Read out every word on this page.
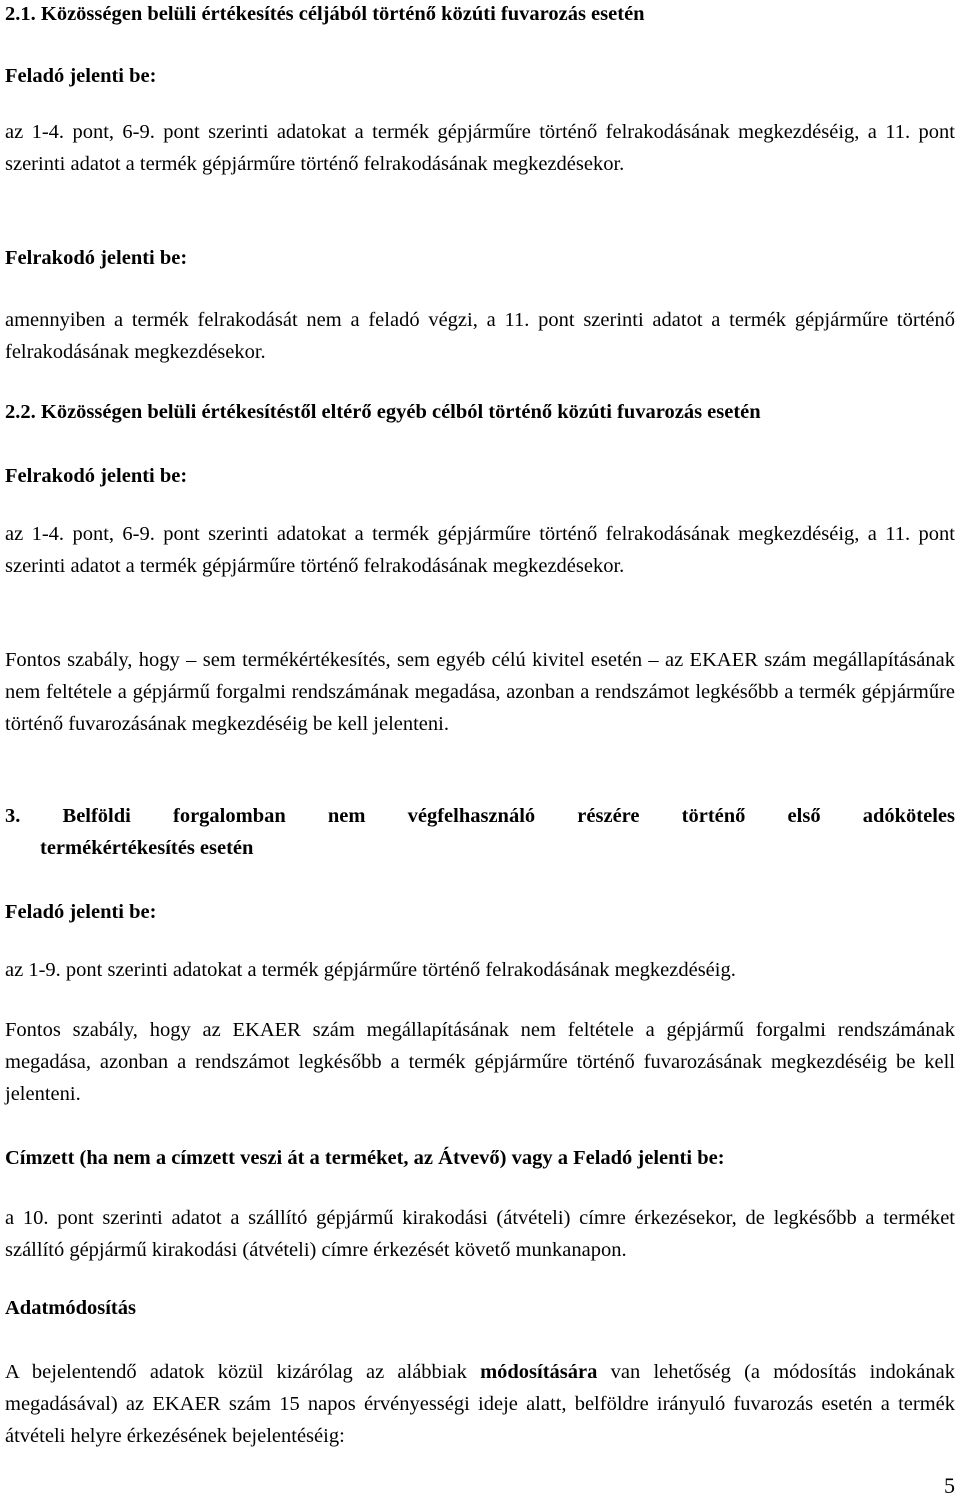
2.1. Közösségen belüli értékesítés céljából történő közúti fuvarozás esetén

Feladó jelenti be:

az 1-4. pont, 6-9. pont szerinti adatokat a termék gépjárműre történő felrakodásának megkezdéséig, a 11. pont szerinti adatot a termék gépjárműre történő felrakodásának megkezdésekor.

Felrakodó jelenti be:

amennyiben a termék felrakodását nem a feladó végzi, a 11. pont szerinti adatot a termék gépjárműre történő felrakodásának megkezdésekor.

2.2. Közösségen belüli értékesítéstől eltérő egyéb célból történő közúti fuvarozás esetén

Felrakodó jelenti be:

az 1-4. pont, 6-9. pont szerinti adatokat a termék gépjárműre történő felrakodásának megkezdéséig, a 11. pont szerinti adatot a termék gépjárműre történő felrakodásának megkezdésekor.

Fontos szabály, hogy – sem termékértékesítés, sem egyéb célú kivitel esetén – az EKAER szám megállapításának nem feltétele a gépjármű forgalmi rendszámának megadása, azonban a rendszámot legkésőbb a termék gépjárműre történő fuvarozásának megkezdéséig be kell jelenteni.

3. Belföldi forgalomban nem végfelhasználó részére történő első adóköteles
termékértékesítés esetén

Feladó jelenti be:

az 1-9. pont szerinti adatokat a termék gépjárműre történő felrakodásának megkezdéséig.

Fontos szabály, hogy az EKAER szám megállapításának nem feltétele a gépjármű forgalmi rendszámának megadása, azonban a rendszámot legkésőbb a termék gépjárműre történő fuvarozásának megkezdéséig be kell jelenteni.

Címzett (ha nem a címzett veszi át a terméket, az Átvevő) vagy a Feladó jelenti be:

a 10. pont szerinti adatot a szállító gépjármű kirakodási (átvételi) címre érkezésekor, de legkésőbb a terméket szállító gépjármű kirakodási (átvételi) címre érkezését követő munkanapon.

Adatmódosítás

A bejelentendő adatok közül kizárólag az alábbiak módosítására van lehetőség (a módosítás indokának megadásával) az EKAER szám 15 napos érvényességi ideje alatt, belföldre irányuló fuvarozás esetén a termék átvételi helyre érkezésének bejelentéséig:

5
